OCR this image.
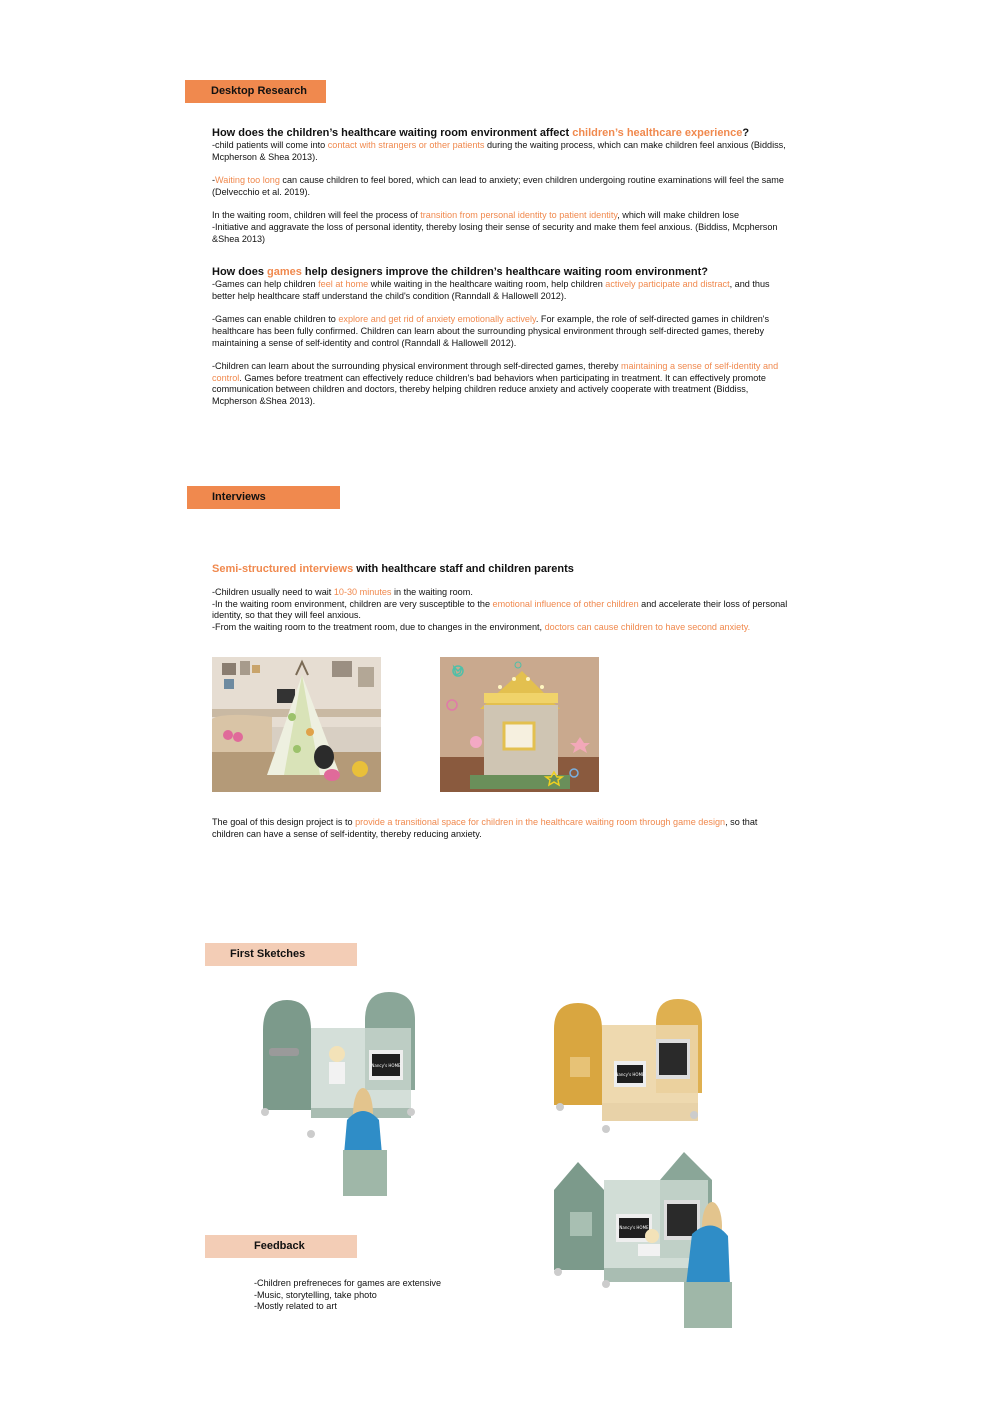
Desktop Research

How does the children’s healthcare waiting room environment affect children’s healthcare experience?

-child patients will come into contact with strangers or other patients during the waiting process, which can make children feel anxious (Biddiss, Mcpherson & Shea 2013).

-Waiting too long can cause children to feel bored, which can lead to anxiety; even children undergoing routine examinations will feel the same (Delvecchio et al. 2019).

In the waiting room, children will feel the process of transition from personal identity to patient identity, which will make children lose
-Initiative and aggravate the loss of personal identity, thereby losing their sense of security and make them feel anxious. (Biddiss, Mcpherson &Shea 2013)

How does games help designers improve the children’s healthcare waiting room environment?

-Games can help children feel at home while waiting in the healthcare waiting room, help children actively participate and distract, and thus better help healthcare staff understand the child's condition (Ranndall & Hallowell 2012).

-Games can enable children to explore and get rid of anxiety emotionally actively. For example, the role of self-directed games in children's healthcare has been fully confirmed. Children can learn about the surrounding physical environment through self-directed games, thereby maintaining a sense of self-identity and control (Ranndall & Hallowell 2012).

-Children can learn about the surrounding physical environment through self-directed games, thereby maintaining a sense of self-identity and control. Games before treatment can effectively reduce children's bad behaviors when participating in treatment. It can effectively promote communication between children and doctors, thereby helping children reduce anxiety and actively cooperate with treatment (Biddiss, Mcpherson &Shea 2013).

Interviews

Semi-structured interviews with healthcare staff and children parents

-Children usually need to wait 10-30 minutes in the waiting room.

-In the waiting room environment, children are very susceptible to the emotional influence of other children and accelerate their loss of personal identity, so that they will feel anxious.

-From the waiting room to the treatment room, due to changes in the environment, doctors can cause children to have second anxiety.

The goal of this design project is to provide a transitional space for children in the healthcare waiting room through game design, so that children can have a sense of self-identity, thereby reducing anxiety.

First Sketches
Nancy's HOME
Nancy's HOME
Nancy's HOME
Feedback
-Children prefreneces for games are extensive
-Music, storytelling, take photo
-Mostly related to art
